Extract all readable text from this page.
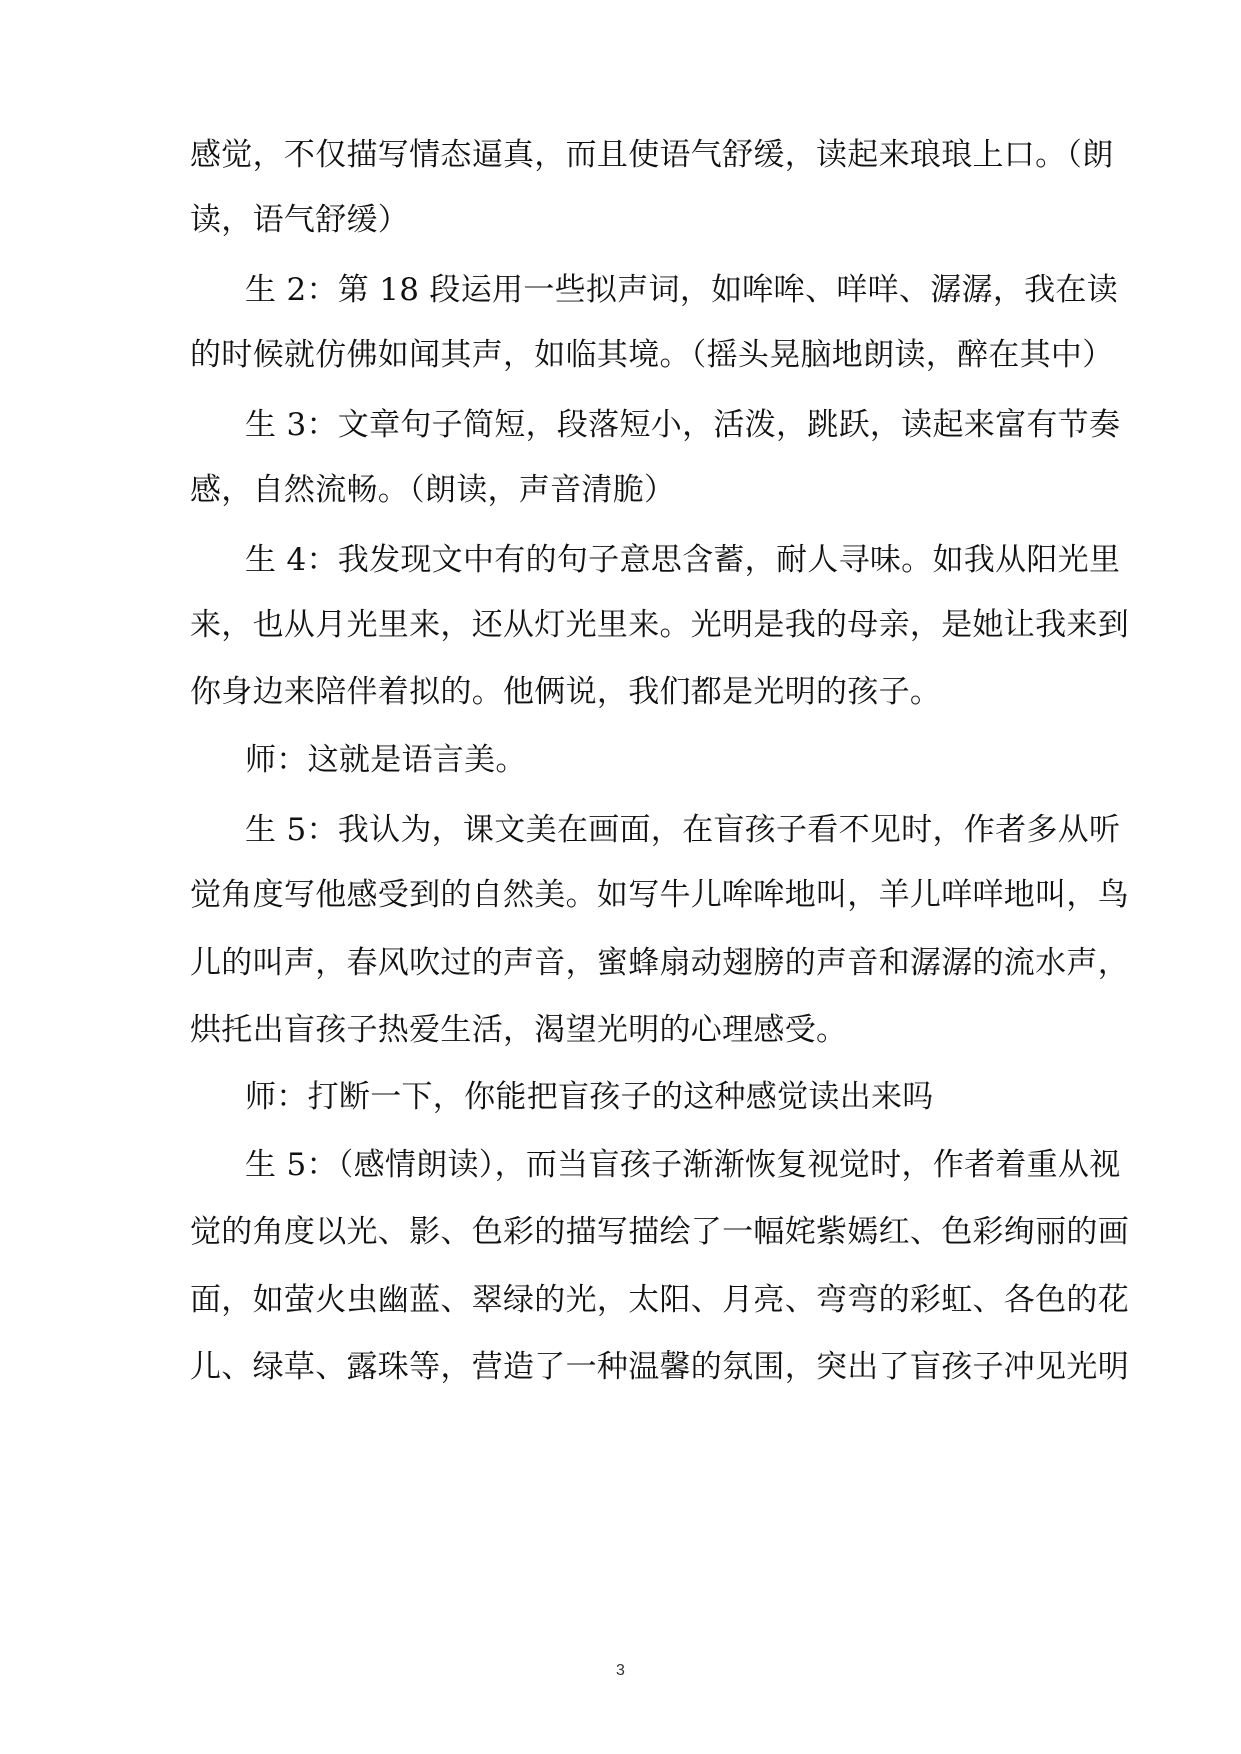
感觉，不仅描写情态逼真，而且使语气舒缓，读起来琅琅上口。（朗
读，语气舒缓）
生 2：第 18 段运用一些拟声词，如哞哞、咩咩、潺潺，我在读
的时候就仿佛如闻其声，如临其境。（摇头晃脑地朗读，醉在其中）
生 3：文章句子简短，段落短小，活泼，跳跃，读起来富有节奏
感，自然流畅。（朗读，声音清脆）
生 4：我发现文中有的句子意思含蓄，耐人寻味。如我从阳光里
来，也从月光里来，还从灯光里来。光明是我的母亲，是她让我来到
你身边来陪伴着拟的。他俩说，我们都是光明的孩子。
师：这就是语言美。
生 5：我认为，课文美在画面，在盲孩子看不见时，作者多从听
觉角度写他感受到的自然美。如写牛儿哞哞地叫，羊儿咩咩地叫，鸟
儿的叫声，春风吹过的声音，蜜蜂扇动翅膀的声音和潺潺的流水声，
烘托出盲孩子热爱生活，渴望光明的心理感受。
师：打断一下，你能把盲孩子的这种感觉读出来吗
生 5：（感情朗读），而当盲孩子渐渐恢复视觉时，作者着重从视
觉的角度以光、影、色彩的描写描绘了一幅姹紫嫣红、色彩绚丽的画
面，如萤火虫幽蓝、翠绿的光，太阳、月亮、弯弯的彩虹、各色的花
儿、绿草、露珠等，营造了一种温馨的氛围，突出了盲孩子冲见光明
3
